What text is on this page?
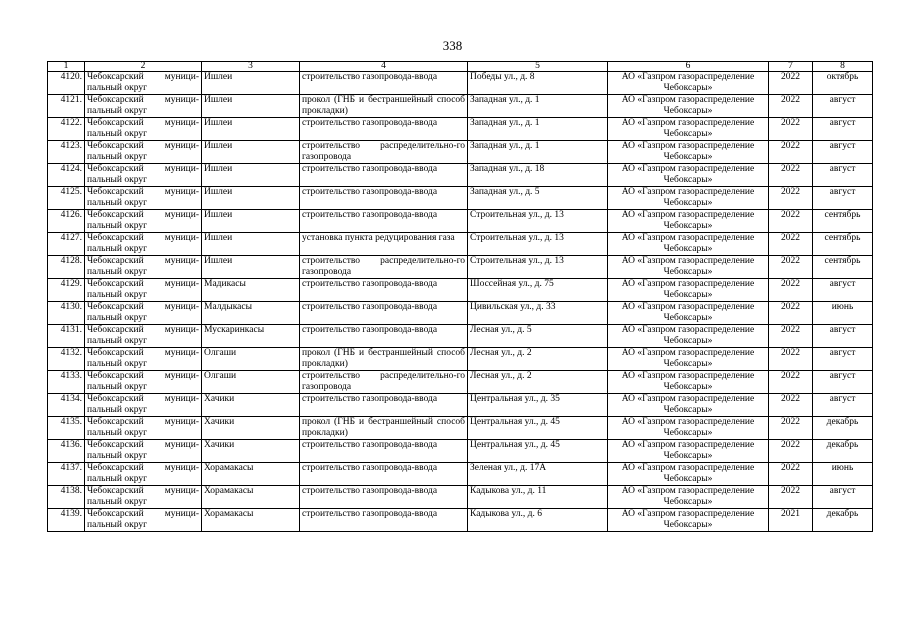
338
1	2	3	4	5	6	7	8
4120.	Чебоксарский муници-пальный округ	Ишлеи	строительство газопровода-ввода	Победы ул., д. 8	АО «Газпром газораспределение Чебоксары»	2022	октябрь
4121.	Чебоксарский муници-пальный округ	Ишлеи	прокол (ГНБ и бестраншейный способ прокладки)	Западная ул., д. 1	АО «Газпром газораспределение Чебоксары»	2022	август
4122.	Чебоксарский муници-пальный округ	Ишлеи	строительство газопровода-ввода	Западная ул., д. 1	АО «Газпром газораспределение Чебоксары»	2022	август
4123.	Чебоксарский муници-пальный округ	Ишлеи	строительство распределительно-го газопровода	Западная ул., д. 1	АО «Газпром газораспределение Чебоксары»	2022	август
4124.	Чебоксарский муници-пальный округ	Ишлеи	строительство газопровода-ввода	Западная ул., д. 18	АО «Газпром газораспределение Чебоксары»	2022	август
4125.	Чебоксарский муници-пальный округ	Ишлеи	строительство газопровода-ввода	Западная ул., д. 5	АО «Газпром газораспределение Чебоксары»	2022	август
4126.	Чебоксарский муници-пальный округ	Ишлеи	строительство газопровода-ввода	Строительная ул., д. 13	АО «Газпром газораспределение Чебоксары»	2022	сентябрь
4127.	Чебоксарский муници-пальный округ	Ишлеи	установка пункта редуцирования газа	Строительная ул., д. 13	АО «Газпром газораспределение Чебоксары»	2022	сентябрь
4128.	Чебоксарский муници-пальный округ	Ишлеи	строительство распределительно-го газопровода	Строительная ул., д. 13	АО «Газпром газораспределение Чебоксары»	2022	сентябрь
4129.	Чебоксарский муници-пальный округ	Мадикасы	строительство газопровода-ввода	Шоссейная ул., д. 75	АО «Газпром газораспределение Чебоксары»	2022	август
4130.	Чебоксарский муници-пальный округ	Малдыкасы	строительство газопровода-ввода	Цивильская ул., д. 33	АО «Газпром газораспределение Чебоксары»	2022	июнь
4131.	Чебоксарский муници-пальный округ	Мускаринкасы	строительство газопровода-ввода	Лесная ул., д. 5	АО «Газпром газораспределение Чебоксары»	2022	август
4132.	Чебоксарский муници-пальный округ	Олгаши	прокол (ГНБ и бестраншейный способ прокладки)	Лесная ул., д. 2	АО «Газпром газораспределение Чебоксары»	2022	август
4133.	Чебоксарский муници-пальный округ	Олгаши	строительство распределительно-го газопровода	Лесная ул., д. 2	АО «Газпром газораспределение Чебоксары»	2022	август
4134.	Чебоксарский муници-пальный округ	Хачики	строительство газопровода-ввода	Центральная ул., д. 35	АО «Газпром газораспределение Чебоксары»	2022	август
4135.	Чебоксарский муници-пальный округ	Хачики	прокол (ГНБ и бестраншейный способ прокладки)	Центральная ул., д. 45	АО «Газпром газораспределение Чебоксары»	2022	декабрь
4136.	Чебоксарский муници-пальный округ	Хачики	строительство газопровода-ввода	Центральная ул., д. 45	АО «Газпром газораспределение Чебоксары»	2022	декабрь
4137.	Чебоксарский муници-пальный округ	Хорамакасы	строительство газопровода-ввода	Зеленая ул., д. 17А	АО «Газпром газораспределение Чебоксары»	2022	июнь
4138.	Чебоксарский муници-пальный округ	Хорамакасы	строительство газопровода-ввода	Кадыкова ул., д. 11	АО «Газпром газораспределение Чебоксары»	2022	август
4139.	Чебоксарский муници-пальный округ	Хорамакасы	строительство газопровода-ввода	Кадыкова ул., д. 6	АО «Газпром газораспределение Чебоксары»	2021	декабрь
